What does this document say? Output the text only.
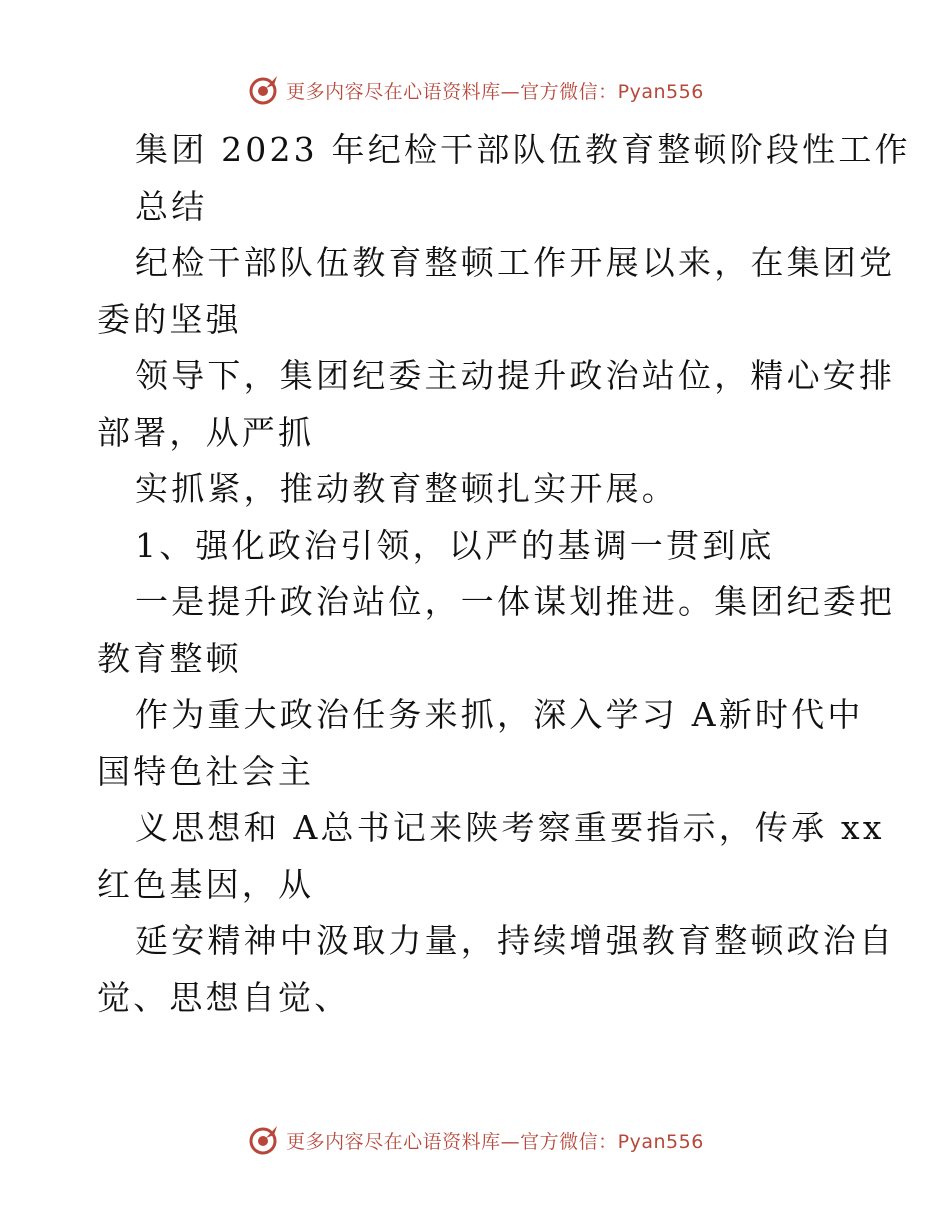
更多内容尽在心语资料库—官方微信：Pyan556
集团 2023 年纪检干部队伍教育整顿阶段性工作
总结
纪检干部队伍教育整顿工作开展以来，在集团党
委的坚强
领导下，集团纪委主动提升政治站位，精心安排
部署，从严抓
实抓紧，推动教育整顿扎实开展。
1、强化政治引领，以严的基调一贯到底
一是提升政治站位，一体谋划推进。集团纪委把
教育整顿
作为重大政治任务来抓，深入学习 A新时代中
国特色社会主
义思想和 A总书记来陕考察重要指示，传承 xx
红色基因，从
延安精神中汲取力量，持续增强教育整顿政治自
觉、思想自觉、
更多内容尽在心语资料库—官方微信：Pyan556
